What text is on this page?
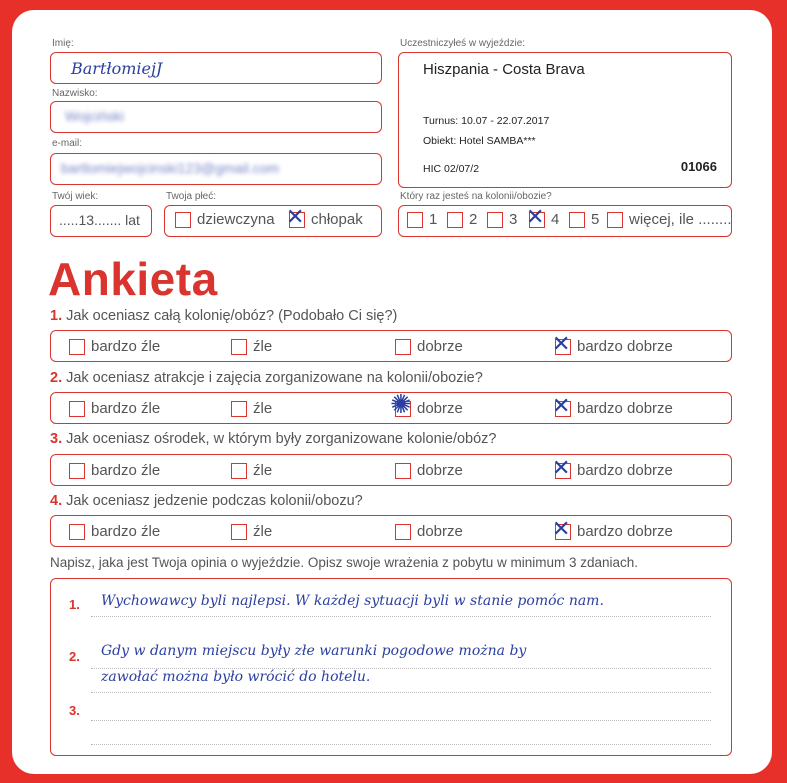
Imię:
BartłomiejJ
Nazwisko:
Wojciński
e-mail:
bartlomiejwojcinski123@gmail.com
Twój wiek:
.....13....... lat
Twoja płeć:
dziewczyna ✕ chłopak
Uczestniczyłeś w wyjeździe:
Hiszpania - Costa Brava
Turnus: 10.07 - 22.07.2017
Obiekt: Hotel SAMBA***
HIC 02/07/2	01066
Który raz jesteś na kolonii/obozie?
1	2	3 ✕ 4	5	więcej, ile ........
Ankieta
1. Jak oceniasz całą kolonię/obóz? (Podobało Ci się?)
bardzo źle	źle	dobrze	✕ bardzo dobrze
2. Jak oceniasz atrakcje i zajęcia zorganizowane na kolonii/obozie?
bardzo źle	źle	✺ dobrze	✕ bardzo dobrze
3. Jak oceniasz ośrodek, w którym były zorganizowane kolonie/obóz?
bardzo źle	źle	dobrze	✕ bardzo dobrze
4. Jak oceniasz jedzenie podczas kolonii/obozu?
bardzo źle	źle	dobrze	✕ bardzo dobrze
Napisz, jaka jest Twoja opinia o wyjeździe. Opisz swoje wrażenia z pobytu w minimum 3 zdaniach.
1. Wychowawcy byli najlepsi. W każdej sytuacji byli w stanie pomóc nam.
2. Gdy w danym miejscu były złe warunki pogodowe można by
zawołać można było wrócić do hotelu.
3.
